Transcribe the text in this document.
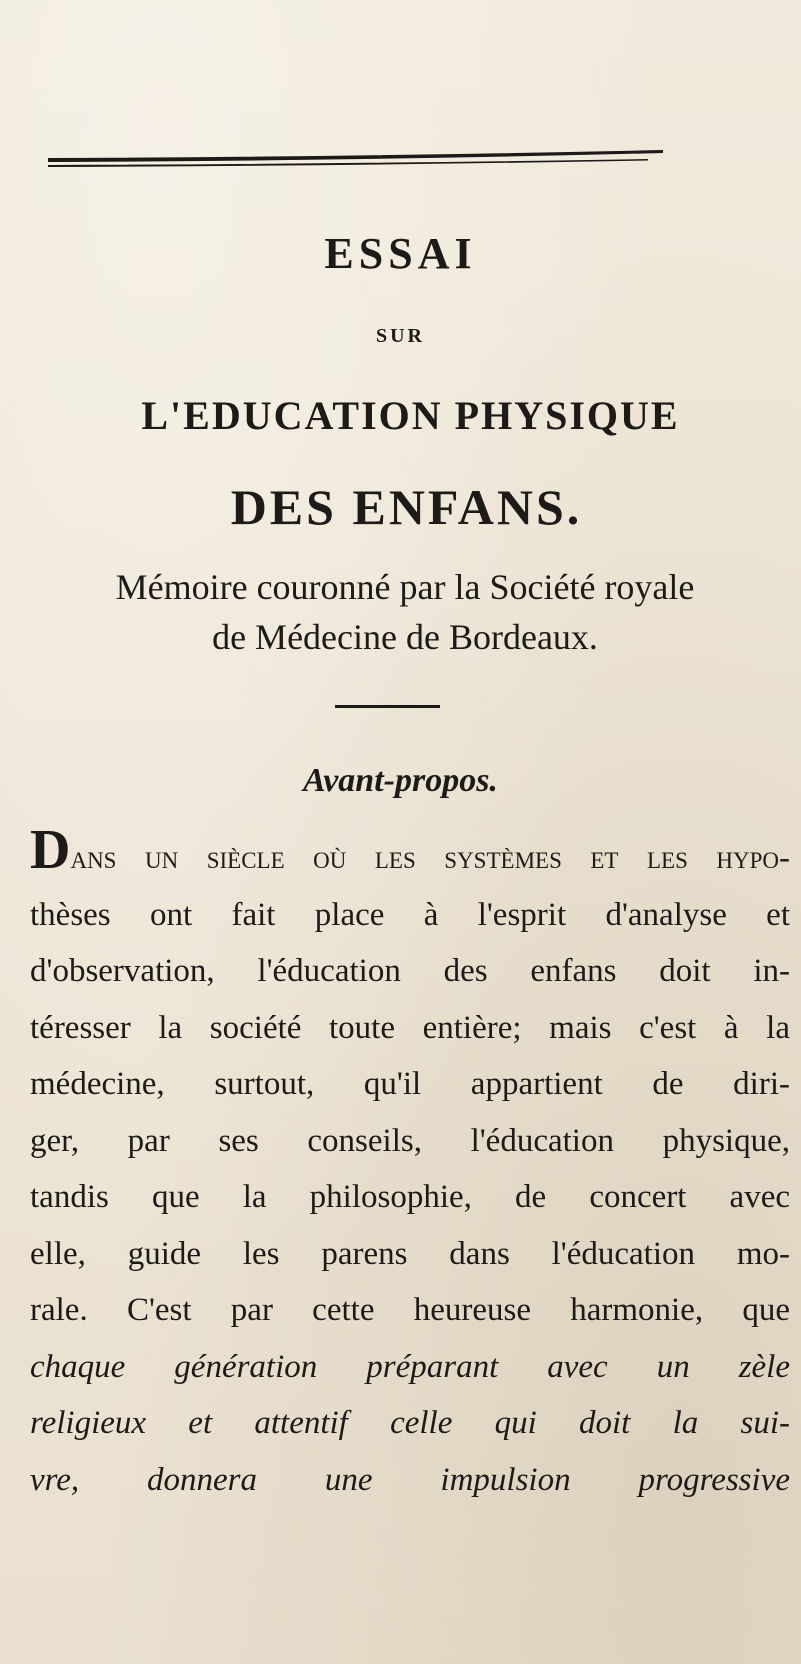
ESSAI
SUR
L'EDUCATION PHYSIQUE
DES ENFANS.

Mémoire couronné par la Société royale
de Médecine de Bordeaux.

Avant-propos.
Dans un siècle où les systèmes et les hypo-
thèses ont fait place à l'esprit d'analyse et
d'observation, l'éducation des enfans doit in-
téresser la société toute entière; mais c'est à la
médecine, surtout, qu'il appartient de diri-
ger, par ses conseils, l'éducation physique,
tandis que la philosophie, de concert avec
elle, guide les parens dans l'éducation mo-
rale. C'est par cette heureuse harmonie, que
chaque génération préparant avec un zèle
religieux et attentif celle qui doit la sui-
vre, donnera une impulsion progressive
